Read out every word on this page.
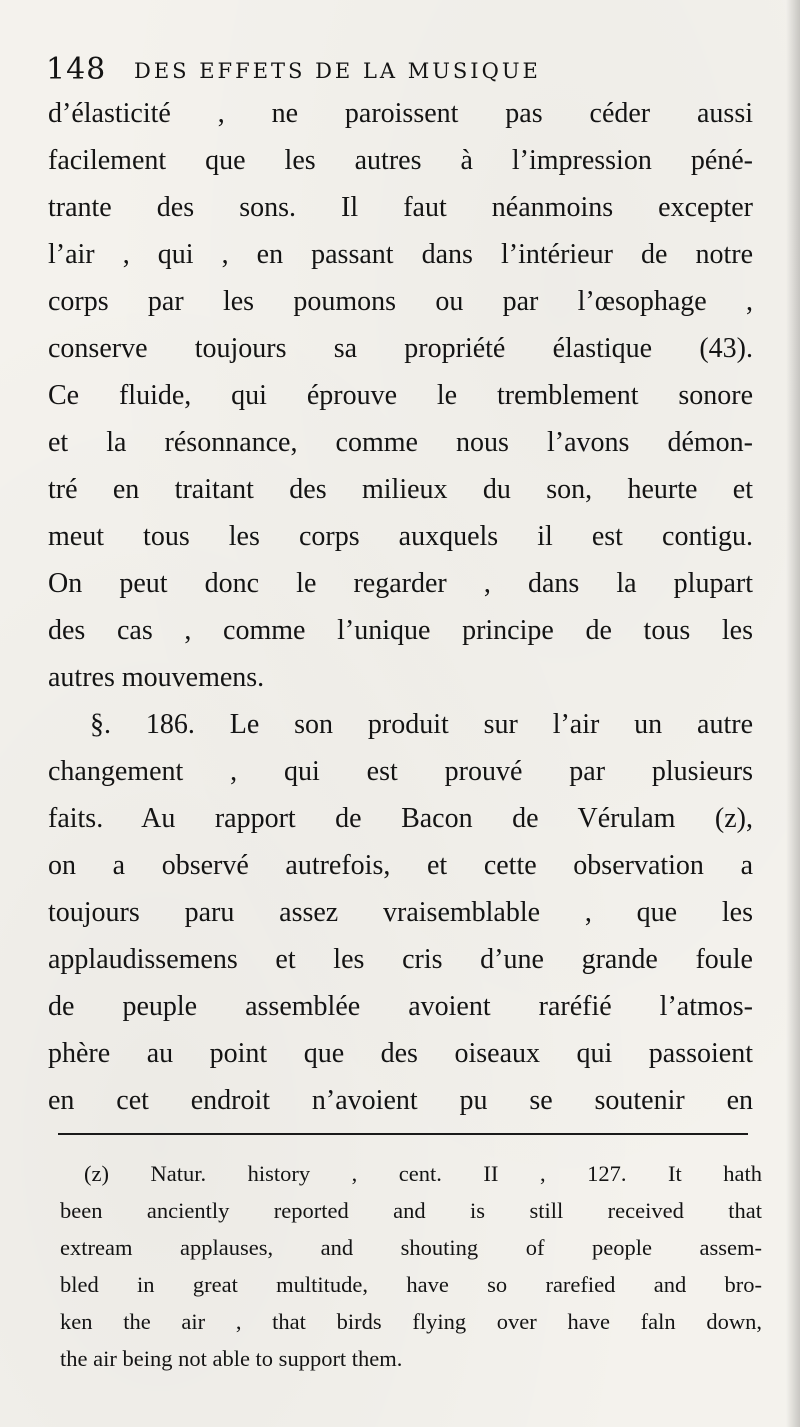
148 DES EFFETS DE LA MUSIQUE
d’élasticité , ne paroissent pas céder aussi
facilement que les autres à l’impression péné-
trante des sons. Il faut néanmoins excepter
l’air , qui , en passant dans l’intérieur de notre
corps par les poumons ou par l’œsophage ,
conserve toujours sa propriété élastique (43).
Ce fluide, qui éprouve le tremblement sonore
et la résonnance, comme nous l’avons démon-
tré en traitant des milieux du son, heurte et
meut tous les corps auxquels il est contigu.
On peut donc le regarder , dans la plupart
des cas , comme l’unique principe de tous les
autres mouvemens.
§. 186. Le son produit sur l’air un autre
changement , qui est prouvé par plusieurs
faits. Au rapport de Bacon de Vérulam (z),
on a observé autrefois, et cette observation a
toujours paru assez vraisemblable , que les
applaudissemens et les cris d’une grande foule
de peuple assemblée avoient raréfié l’atmos-
phère au point que des oiseaux qui passoient
en cet endroit n’avoient pu se soutenir en
(z) Natur. history , cent. II , 127. It hath
been anciently reported and is still received that
extream applauses, and shouting of people assem-
bled in great multitude, have so rarefied and bro-
ken the air , that birds flying over have faln down,
the air being not able to support them.
